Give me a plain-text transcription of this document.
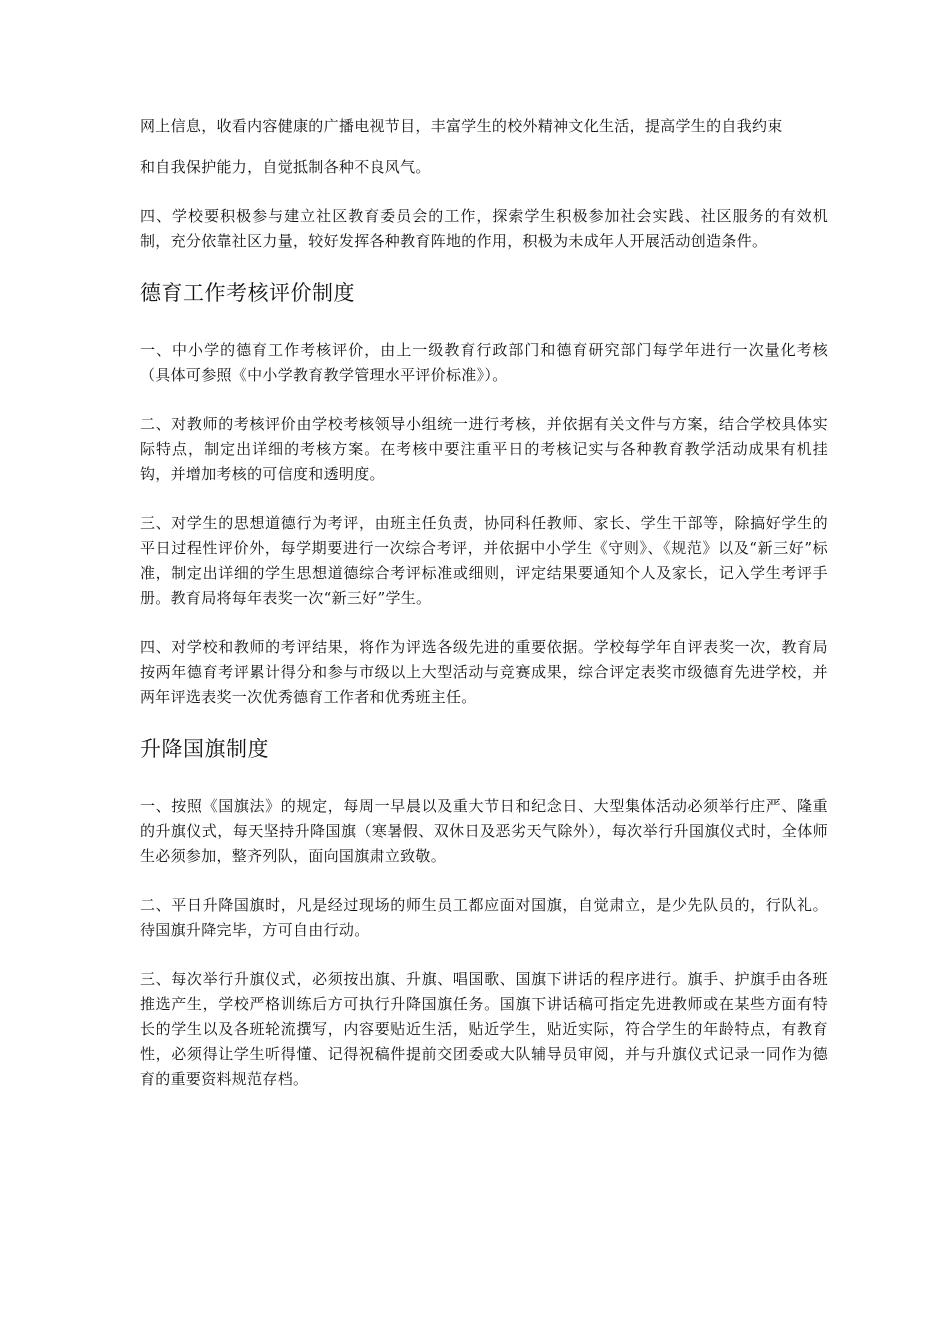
网上信息，收看内容健康的广播电视节目，丰富学生的校外精神文化生活，提高学生的自我约束

和自我保护能力，自觉抵制各种不良风气。

四、学校要积极参与建立社区教育委员会的工作，探索学生积极参加社会实践、社区服务的有效机制，充分依靠社区力量，较好发挥各种教育阵地的作用，积极为未成年人开展活动创造条件。

德育工作考核评价制度

一、中小学的德育工作考核评价，由上一级教育行政部门和德育研究部门每学年进行一次量化考核（具体可参照《中小学教育教学管理水平评价标准》）。

二、对教师的考核评价由学校考核领导小组统一进行考核，并依据有关文件与方案，结合学校具体实际特点，制定出详细的考核方案。在考核中要注重平日的考核记实与各种教育教学活动成果有机挂钩，并增加考核的可信度和透明度。

三、对学生的思想道德行为考评，由班主任负责，协同科任教师、家长、学生干部等，除搞好学生的平日过程性评价外，每学期要进行一次综合考评，并依据中小学生《守则》、《规范》以及“新三好”标准，制定出详细的学生思想道德综合考评标准或细则，评定结果要通知个人及家长，记入学生考评手册。教育局将每年表奖一次“新三好”学生。

四、对学校和教师的考评结果，将作为评选各级先进的重要依据。学校每学年自评表奖一次，教育局按两年德育考评累计得分和参与市级以上大型活动与竞赛成果，综合评定表奖市级德育先进学校，并两年评选表奖一次优秀德育工作者和优秀班主任。

升降国旗制度

一、按照《国旗法》的规定，每周一早晨以及重大节日和纪念日、大型集体活动必须举行庄严、隆重的升旗仪式，每天坚持升降国旗（寒暑假、双休日及恶劣天气除外），每次举行升国旗仪式时，全体师生必须参加，整齐列队，面向国旗肃立致敬。

二、平日升降国旗时，凡是经过现场的师生员工都应面对国旗，自觉肃立，是少先队员的，行队礼。待国旗升降完毕，方可自由行动。

三、每次举行升旗仪式，必须按出旗、升旗、唱国歌、国旗下讲话的程序进行。旗手、护旗手由各班推选产生，学校严格训练后方可执行升降国旗任务。国旗下讲话稿可指定先进教师或在某些方面有特长的学生以及各班轮流撰写，内容要贴近生活，贴近学生，贴近实际，符合学生的年龄特点，有教育性，必须得让学生听得懂、记得祝稿件提前交团委或大队辅导员审阅，并与升旗仪式记录一同作为德育的重要资料规范存档。
